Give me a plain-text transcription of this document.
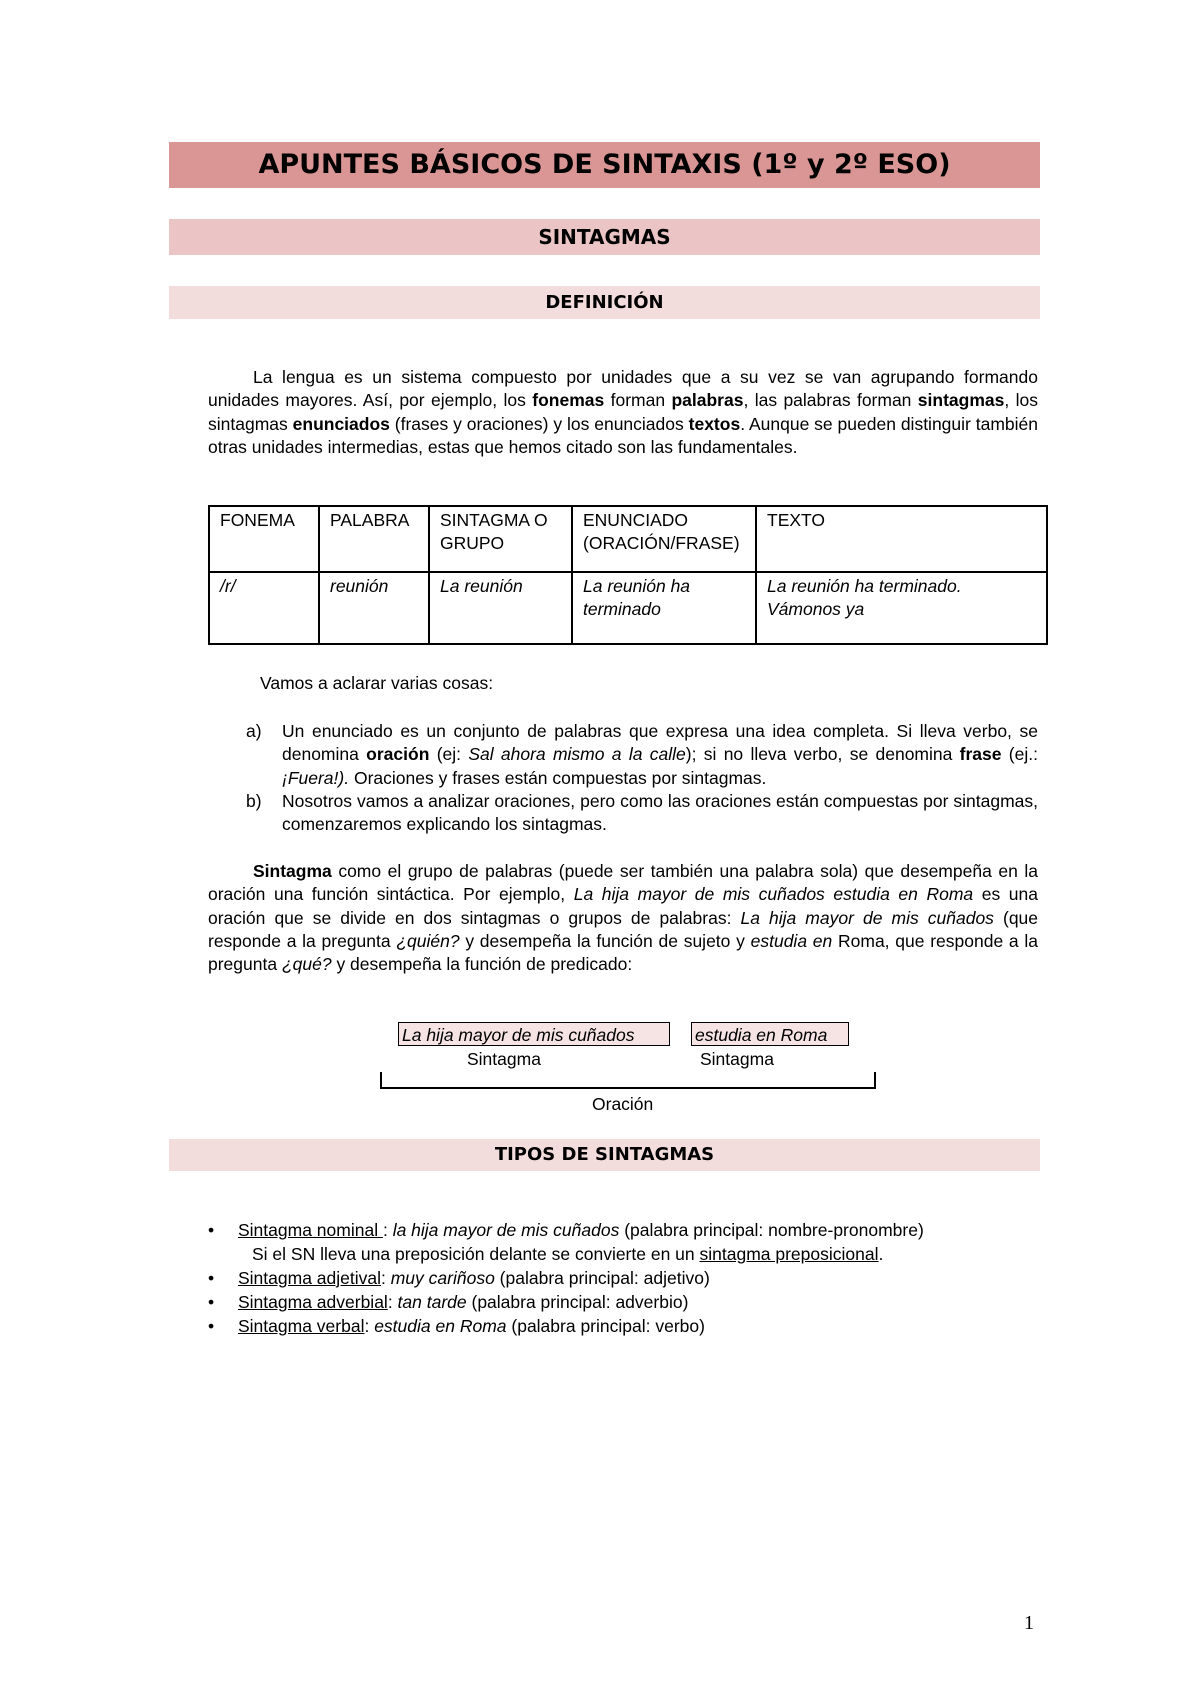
APUNTES BÁSICOS DE SINTAXIS (1º y 2º ESO)
SINTAGMAS
DEFINICIÓN
La lengua es un sistema compuesto por unidades que a su vez se van agrupando formando unidades mayores. Así, por ejemplo, los fonemas forman palabras, las palabras forman sintagmas, los sintagmas enunciados (frases y oraciones) y los enunciados textos. Aunque se pueden distinguir también otras unidades intermedias, estas que hemos citado son las fundamentales.
FONEMA	PALABRA	SINTAGMA O GRUPO	ENUNCIADO (ORACIÓN/FRASE)	TEXTO
/r/	reunión	La reunión	La reunión ha terminado	La reunión ha terminado. Vámonos ya
Vamos a aclarar varias cosas:
a) Un enunciado es un conjunto de palabras que expresa una idea completa. Si lleva verbo, se denomina oración (ej: Sal ahora mismo a la calle); si no lleva verbo, se denomina frase (ej.: ¡Fuera!). Oraciones y frases están compuestas por sintagmas.
b) Nosotros vamos a analizar oraciones, pero como las oraciones están compuestas por sintagmas, comenzaremos explicando los sintagmas.
Sintagma como el grupo de palabras (puede ser también una palabra sola) que desempeña en la oración una función sintáctica. Por ejemplo, La hija mayor de mis cuñados estudia en Roma es una oración que se divide en dos sintagmas o grupos de palabras: La hija mayor de mis cuñados (que responde a la pregunta ¿quién? y desempeña la función de sujeto y estudia en Roma, que responde a la pregunta ¿qué? y desempeña la función de predicado:
La hija mayor de mis cuñados	estudia en Roma
Sintagma	Sintagma
Oración
TIPOS DE SINTAGMAS
• Sintagma nominal : la hija mayor de mis cuñados (palabra principal: nombre-pronombre)
Si el SN lleva una preposición delante se convierte en un sintagma preposicional.
• Sintagma adjetival: muy cariñoso (palabra principal: adjetivo)
• Sintagma adverbial: tan tarde (palabra principal: adverbio)
• Sintagma verbal: estudia en Roma (palabra principal: verbo)
1
